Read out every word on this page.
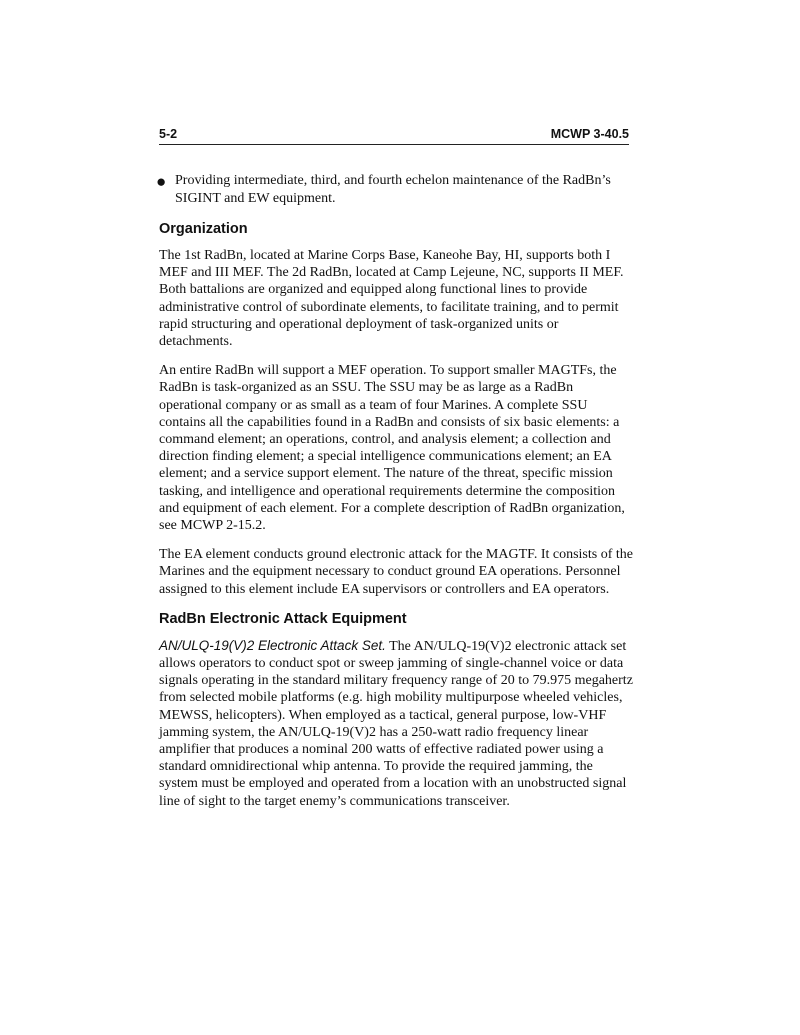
5-2	MCWP 3-40.5
● Providing intermediate, third, and fourth echelon maintenance of the RadBn’s SIGINT and EW equipment.
Organization

The 1st RadBn, located at Marine Corps Base, Kaneohe Bay, HI, supports both I MEF and III MEF. The 2d RadBn, located at Camp Lejeune, NC, supports II MEF. Both battalions are organized and equipped along functional lines to provide administrative control of subordinate elements, to facilitate training, and to permit rapid structuring and operational deployment of task-organized units or detachments.

An entire RadBn will support a MEF operation. To support smaller MAGTFs, the RadBn is task-organized as an SSU. The SSU may be as large as a RadBn operational company or as small as a team of four Marines. A complete SSU contains all the capabilities found in a RadBn and consists of six basic elements: a command element; an operations, control, and analysis element; a collection and direction finding element; a special intelligence communications element; an EA element; and a service support element. The nature of the threat, specific mission tasking, and intelligence and operational requirements determine the composition and equipment of each element. For a complete description of RadBn organization, see MCWP 2-15.2.

The EA element conducts ground electronic attack for the MAGTF. It consists of the Marines and the equipment necessary to conduct ground EA operations. Personnel assigned to this element include EA supervisors or controllers and EA operators.

RadBn Electronic Attack Equipment

AN/ULQ-19(V)2 Electronic Attack Set. The AN/ULQ-19(V)2 electronic attack set allows operators to conduct spot or sweep jamming of single-channel voice or data signals operating in the standard military frequency range of 20 to 79.975 megahertz from selected mobile platforms (e.g. high mobility multipurpose wheeled vehicles, MEWSS, helicopters). When employed as a tactical, general purpose, low-VHF jamming system, the AN/ULQ-19(V)2 has a 250-watt radio frequency linear amplifier that produces a nominal 200 watts of effective radiated power using a standard omnidirectional whip antenna. To provide the required jamming, the system must be employed and operated from a location with an unobstructed signal line of sight to the target enemy’s communications transceiver.
